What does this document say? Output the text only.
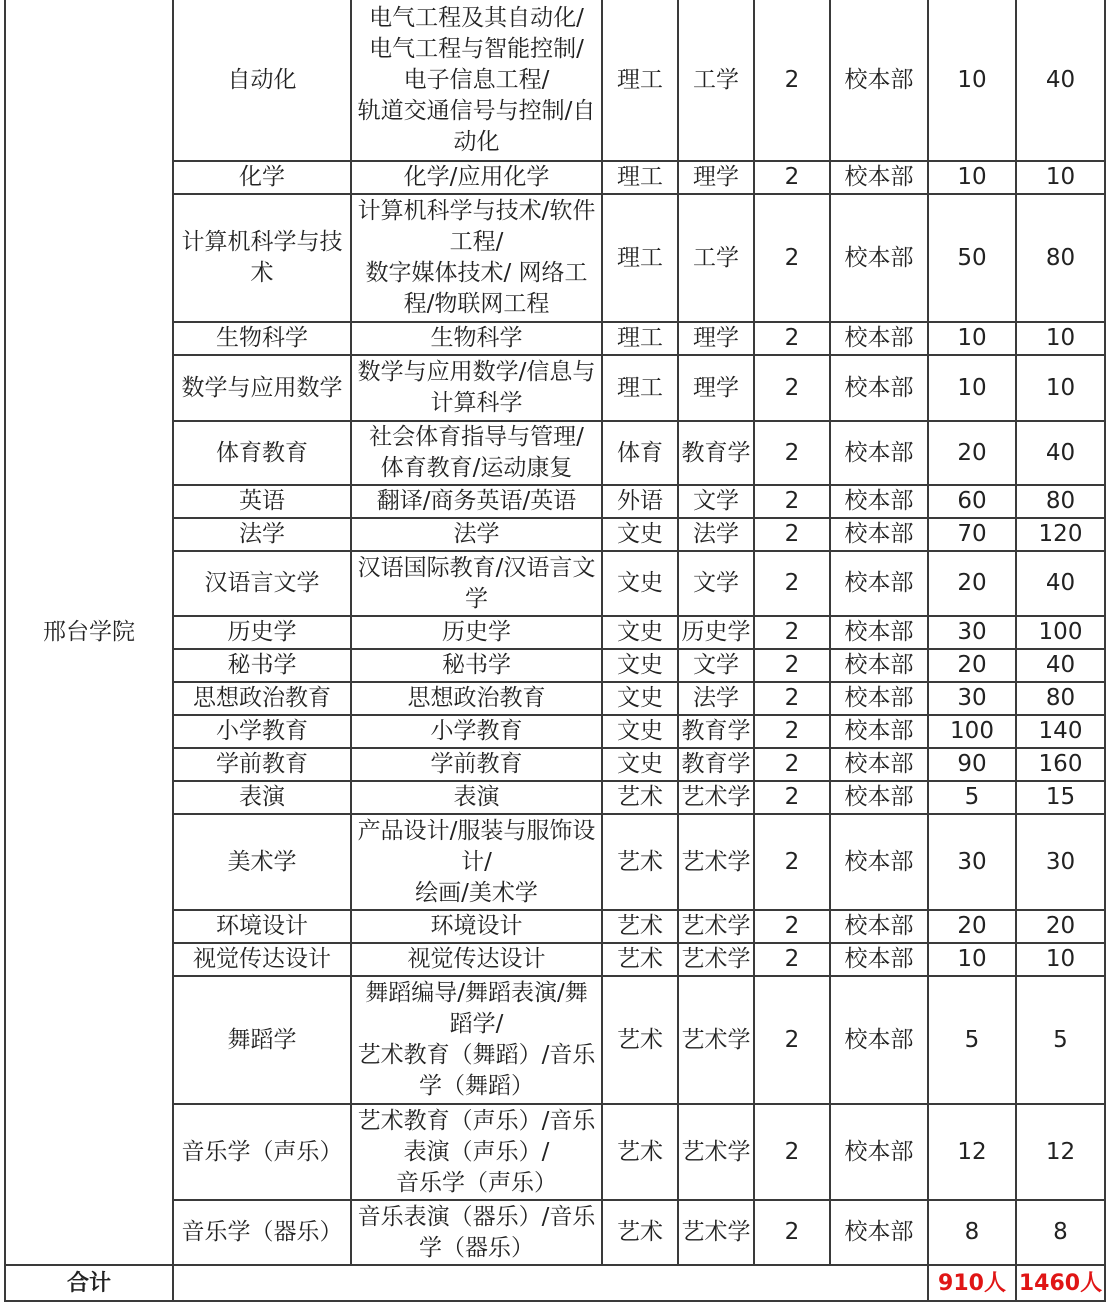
邢台学院	自动化	电气工程及其自动化/
电气工程与智能控制/
电子信息工程/
轨道交通信号与控制/自
动化	理工	工学	2	校本部	10	40
	化学	化学/应用化学	理工	理学	2	校本部	10	10
	计算机科学与技术	计算机科学与技术/软件
工程/
数字媒体技术/ 网络工
程/物联网工程	理工	工学	2	校本部	50	80
	生物科学	生物科学	理工	理学	2	校本部	10	10
	数学与应用数学	数学与应用数学/信息与
计算科学	理工	理学	2	校本部	10	10
	体育教育	社会体育指导与管理/
体育教育/运动康复	体育	教育学	2	校本部	20	40
	英语	翻译/商务英语/英语	外语	文学	2	校本部	60	80
	法学	法学	文史	法学	2	校本部	70	120
	汉语言文学	汉语国际教育/汉语言文
学	文史	文学	2	校本部	20	40
	历史学	历史学	文史	历史学	2	校本部	30	100
	秘书学	秘书学	文史	文学	2	校本部	20	40
	思想政治教育	思想政治教育	文史	法学	2	校本部	30	80
	小学教育	小学教育	文史	教育学	2	校本部	100	140
	学前教育	学前教育	文史	教育学	2	校本部	90	160
	表演	表演	艺术	艺术学	2	校本部	5	15
	美术学	产品设计/服装与服饰设
计/
绘画/美术学	艺术	艺术学	2	校本部	30	30
	环境设计	环境设计	艺术	艺术学	2	校本部	20	20
	视觉传达设计	视觉传达设计	艺术	艺术学	2	校本部	10	10
	舞蹈学	舞蹈编导/舞蹈表演/舞
蹈学/
艺术教育（舞蹈）/音乐
学（舞蹈）	艺术	艺术学	2	校本部	5	5
	音乐学（声乐）	艺术教育（声乐）/音乐
表演（声乐）/
音乐学（声乐）	艺术	艺术学	2	校本部	12	12
	音乐学（器乐）	音乐表演（器乐）/音乐
学（器乐）	艺术	艺术学	2	校本部	8	8
合计							910人	1460人
